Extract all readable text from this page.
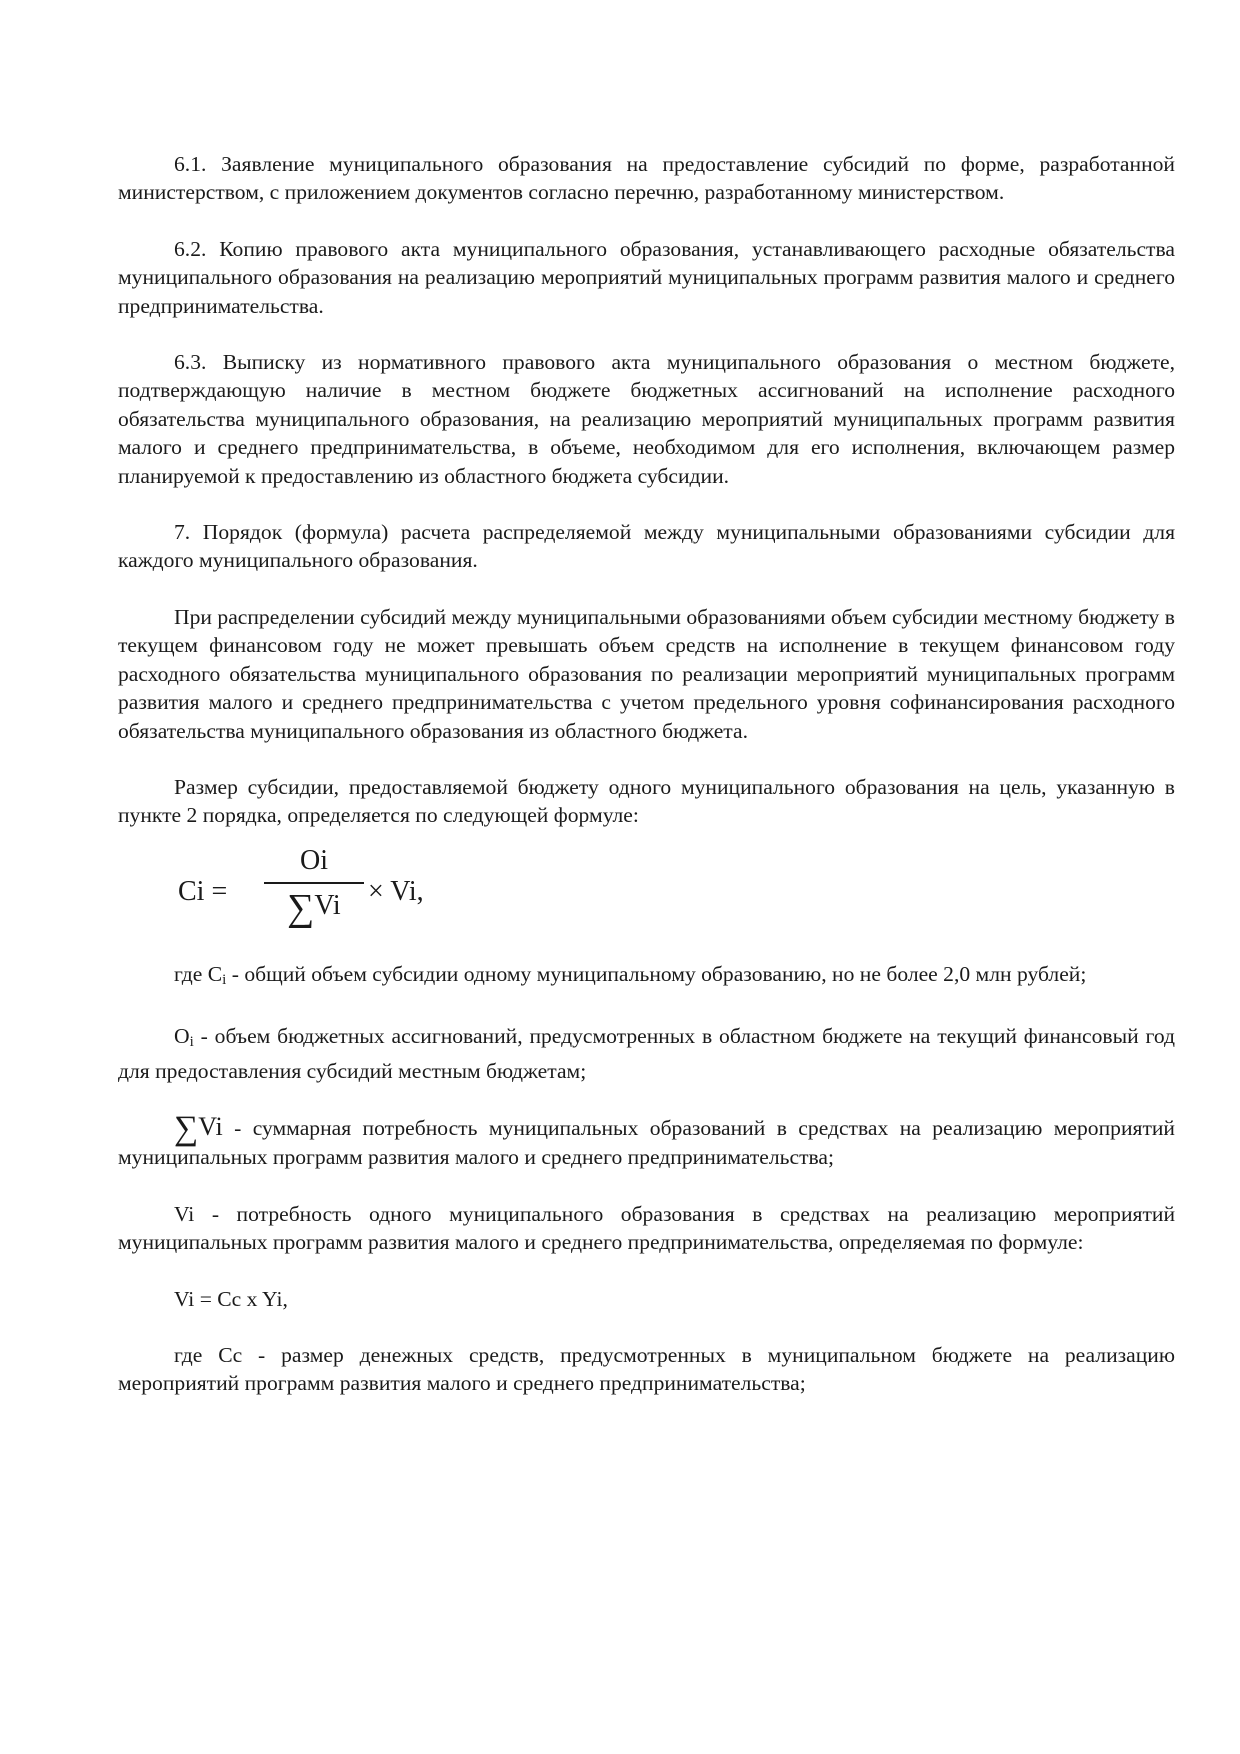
6.1. Заявление муниципального образования на предоставление субсидий по форме, разработанной министерством, с приложением документов согласно перечню, разработанному министерством.

6.2. Копию правового акта муниципального образования, устанавливающего расходные обязательства муниципального образования на реализацию мероприятий муниципальных программ развития малого и среднего предпринимательства.

6.3. Выписку из нормативного правового акта муниципального образования о местном бюджете, подтверждающую наличие в местном бюджете бюджетных ассигнований на исполнение расходного обязательства муниципального образования, на реализацию мероприятий муниципальных программ развития малого и среднего предпринимательства, в объеме, необходимом для его исполнения, включающем размер планируемой к предоставлению из областного бюджета субсидии.

7. Порядок (формула) расчета распределяемой между муниципальными образованиями субсидии для каждого муниципального образования.

При распределении субсидий между муниципальными образованиями объем субсидии местному бюджету в текущем финансовом году не может превышать объем средств на исполнение в текущем финансовом году расходного обязательства муниципального образования по реализации мероприятий муниципальных программ развития малого и среднего предпринимательства с учетом предельного уровня софинансирования расходного обязательства муниципального образования из областного бюджета.

Размер субсидии, предоставляемой бюджету одного муниципального образования на цель, указанную в пункте 2 порядка, определяется по следующей формуле:

Ci =
Oi
∑Vi × Vi,

где $C_i$ - общий объем субсидии одному муниципальному образованию, но не более 2,0 млн рублей;

$O_i$ - объем бюджетных ассигнований, предусмотренных в областном бюджете на текущий финансовый год для предоставления субсидий местным бюджетам;

∑Vi - суммарная потребность муниципальных образований в средствах на реализацию мероприятий муниципальных программ развития малого и среднего предпринимательства;

Vi - потребность одного муниципального образования в средствах на реализацию мероприятий муниципальных программ развития малого и среднего предпринимательства, определяемая по формуле:

Vi = Cc x Yi,

где Cc - размер денежных средств, предусмотренных в муниципальном бюджете на реализацию мероприятий программ развития малого и среднего предпринимательства;
